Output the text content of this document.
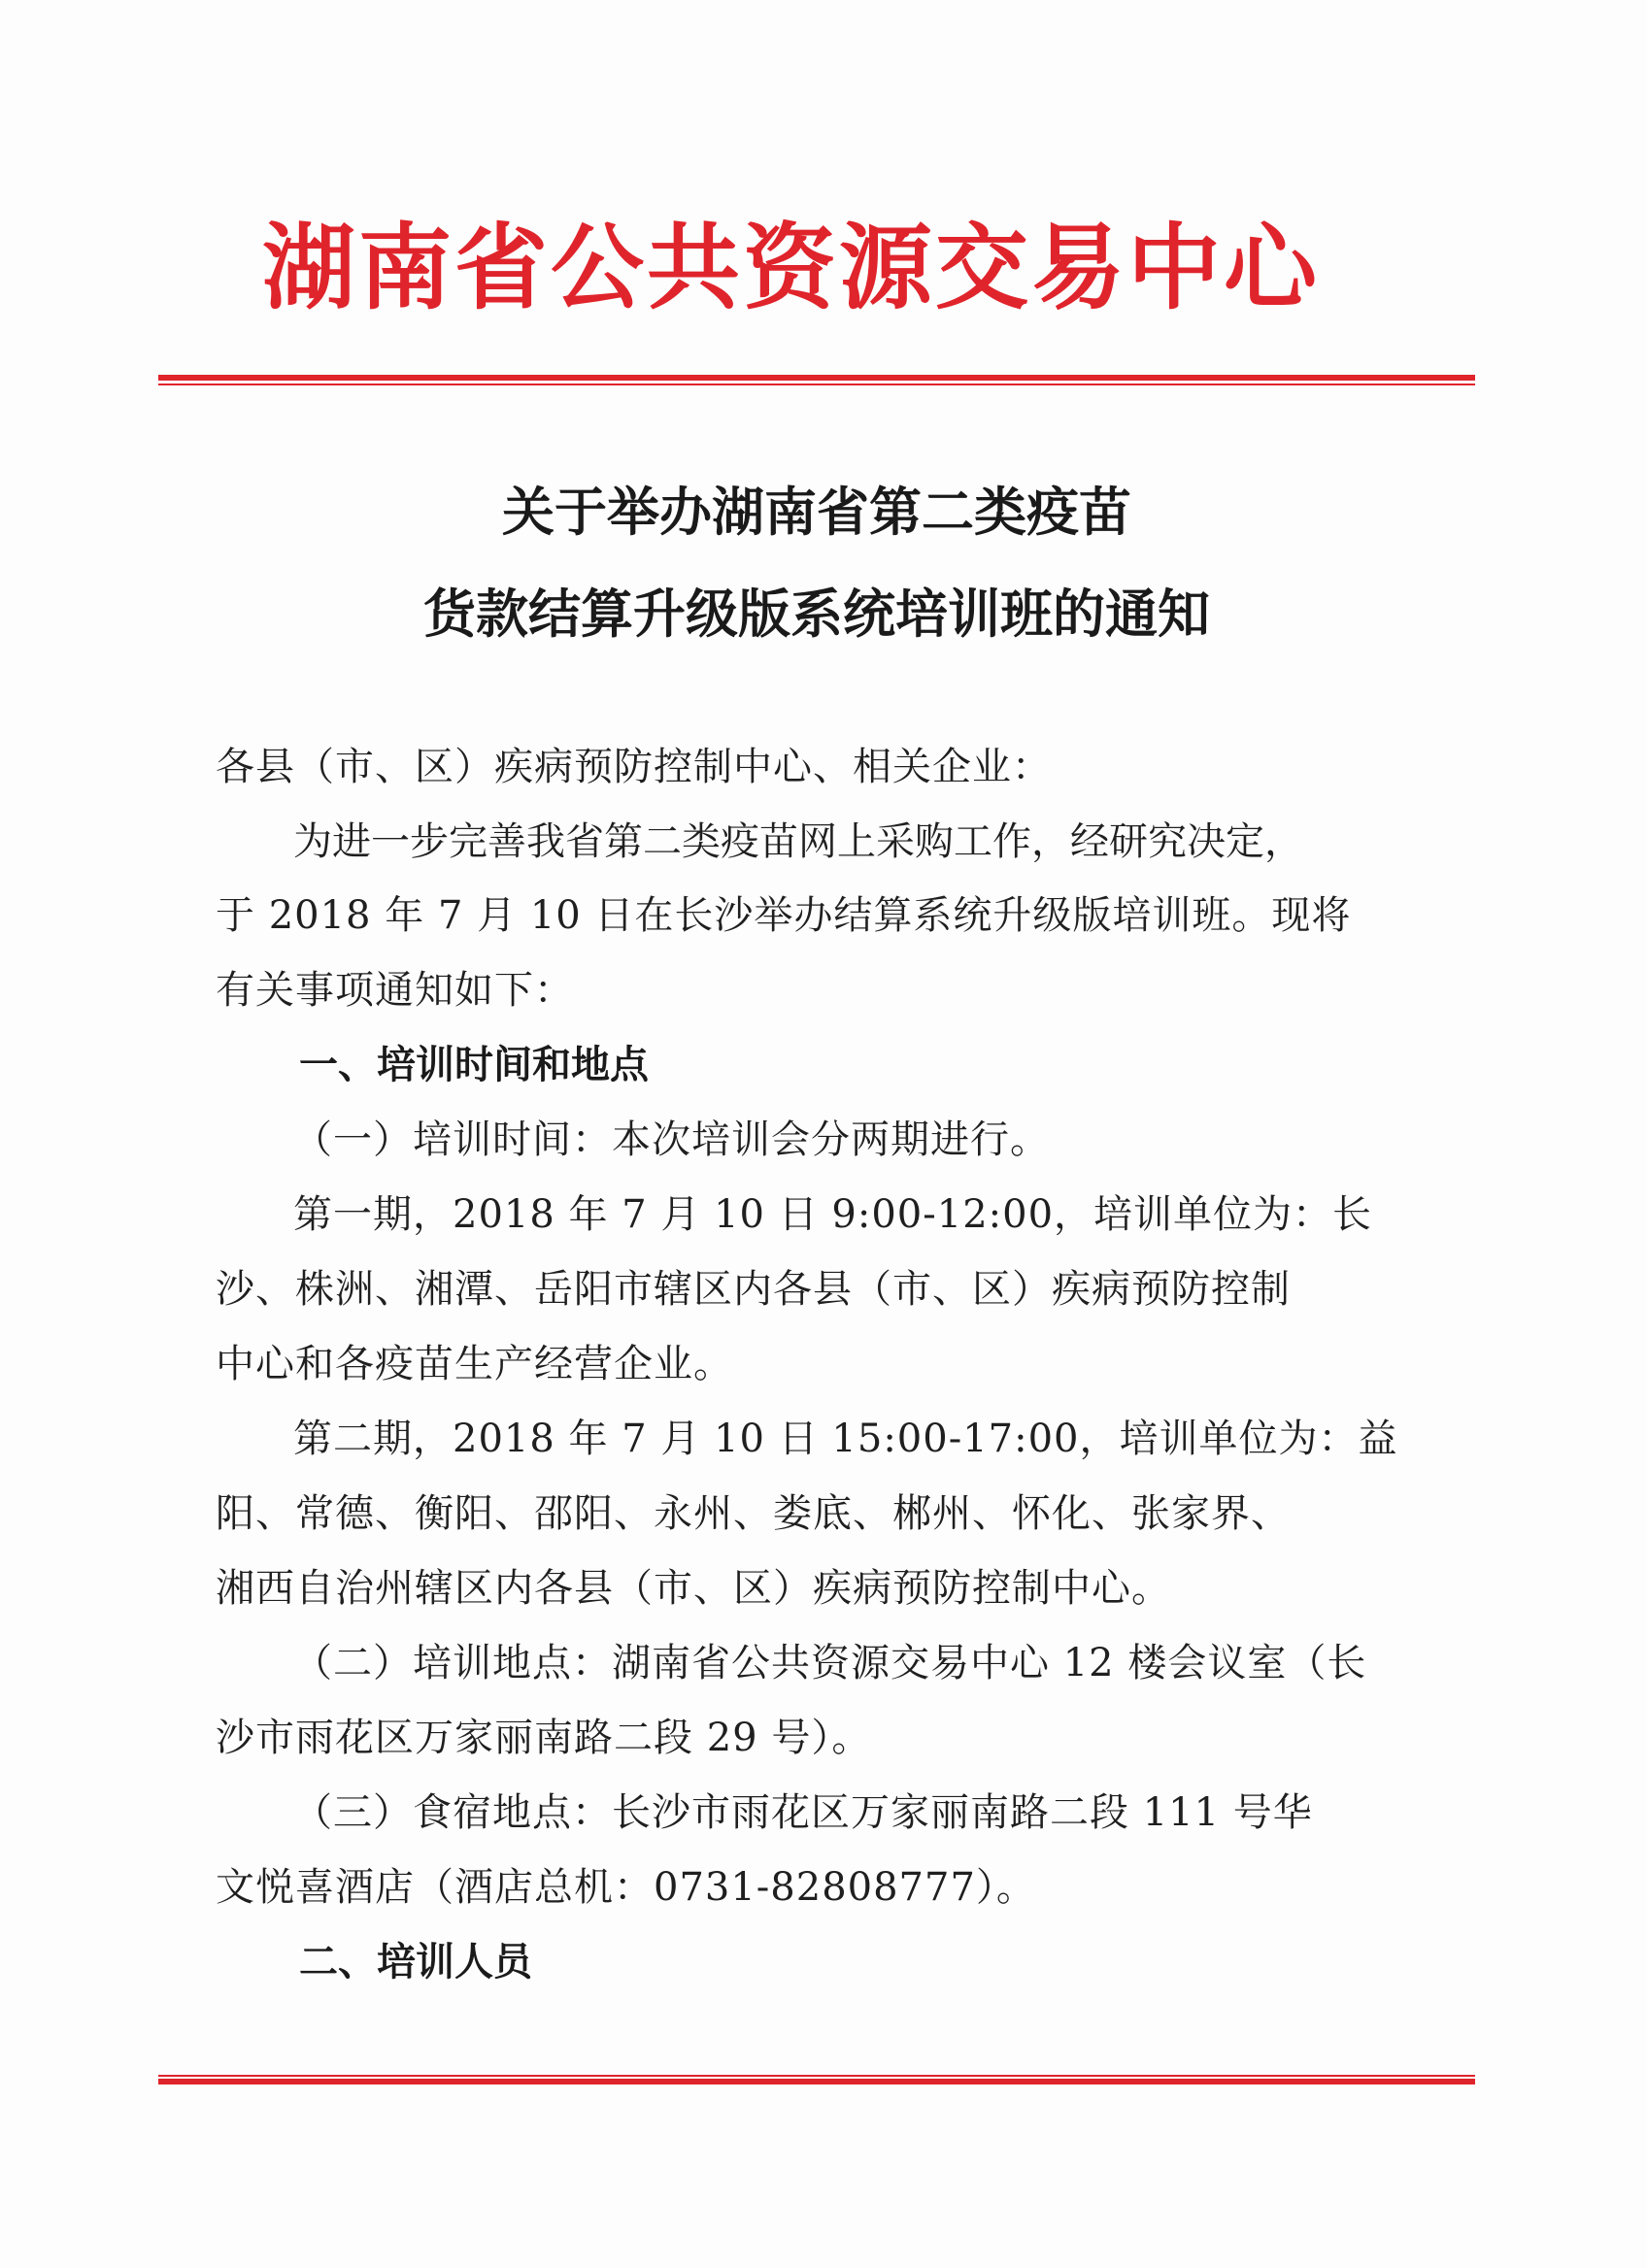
湖南省公共资源交易中心
关于举办湖南省第二类疫苗
货款结算升级版系统培训班的通知
各县（市、区）疾病预防控制中心、相关企业：
为进一步完善我省第二类疫苗网上采购工作，经研究决定，
于 2018 年 7 月 10 日在长沙举办结算系统升级版培训班。现将
有关事项通知如下：
一、培训时间和地点
（一）培训时间：本次培训会分两期进行。
第一期，2018 年 7 月 10 日 9:00-12:00，培训单位为：长
沙、株洲、湘潭、岳阳市辖区内各县（市、区）疾病预防控制
中心和各疫苗生产经营企业。
第二期，2018 年 7 月 10 日 15:00-17:00，培训单位为：益
阳、常德、衡阳、邵阳、永州、娄底、郴州、怀化、张家界、
湘西自治州辖区内各县（市、区）疾病预防控制中心。
（二）培训地点：湖南省公共资源交易中心 12 楼会议室（长
沙市雨花区万家丽南路二段 29 号）。
（三）食宿地点：长沙市雨花区万家丽南路二段 111 号华
文悦喜酒店（酒店总机：0731-82808777）。
二、培训人员
